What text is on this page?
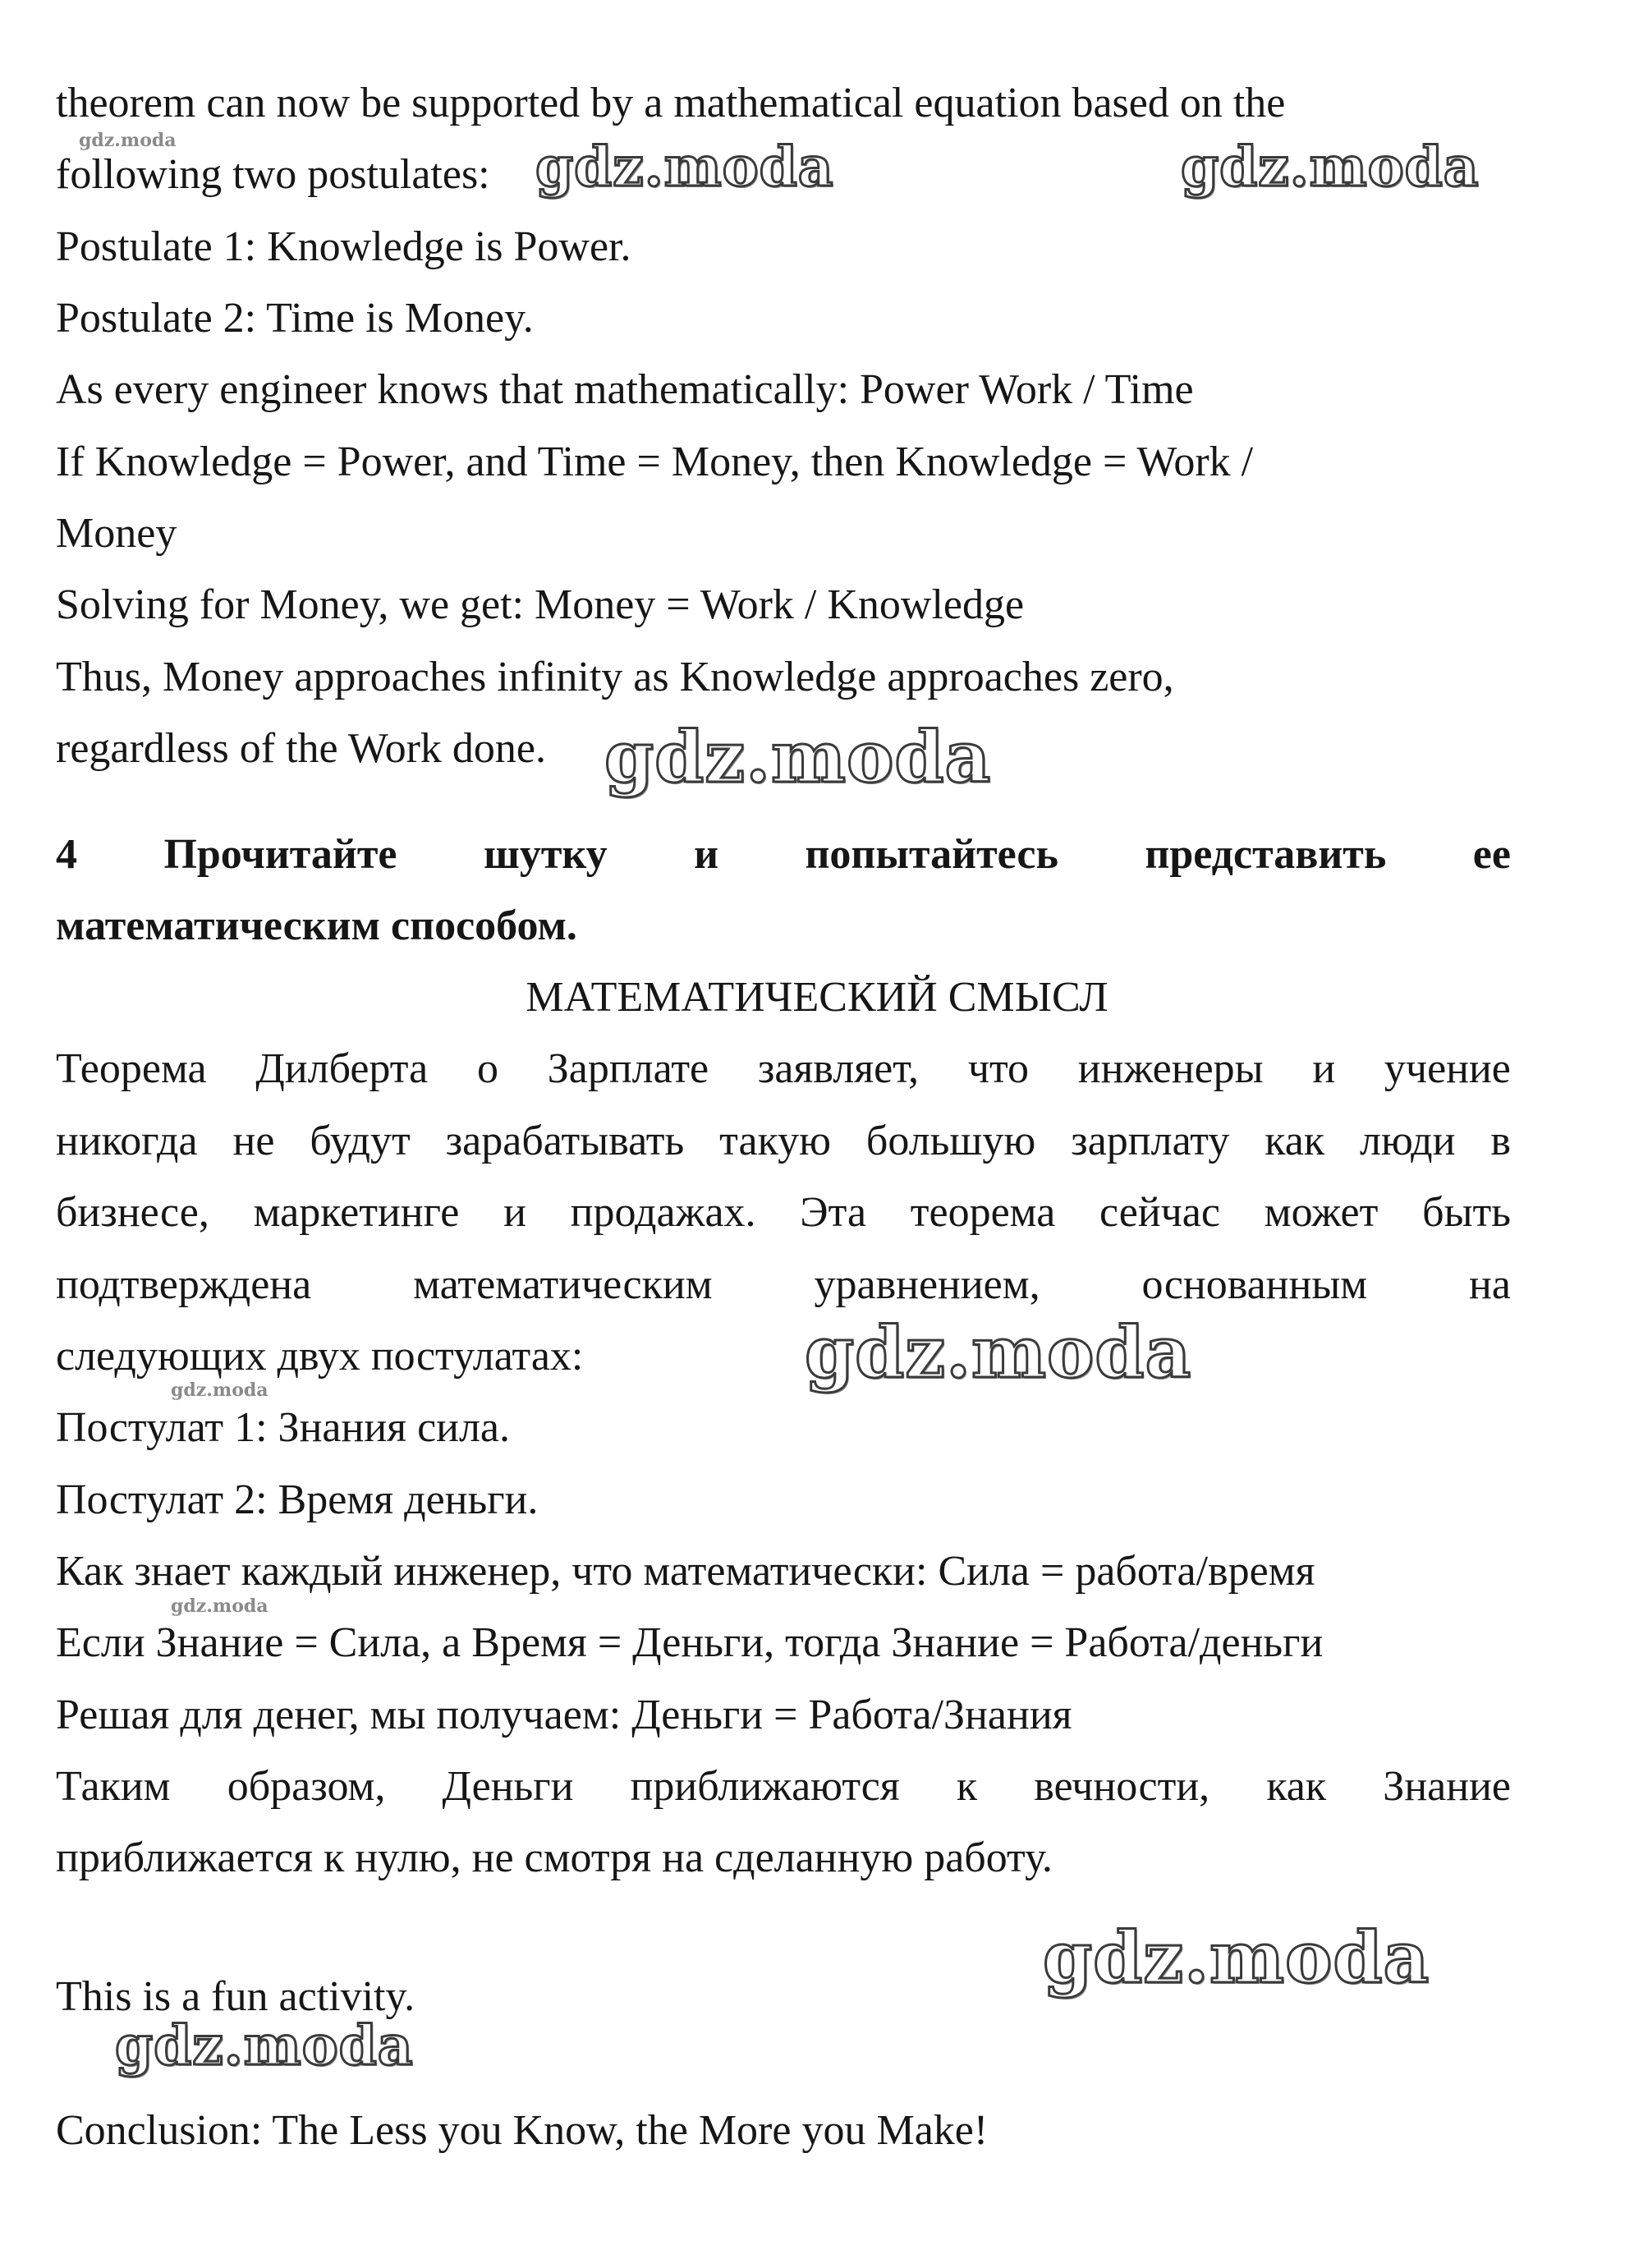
theorem can now be supported by a mathematical equation based on the
following two postulates:
Postulate 1: Knowledge is Power.
Postulate 2: Time is Money.
As every engineer knows that mathematically: Power Work / Time
If Knowledge = Power, and Time = Money, then Knowledge = Work /
Money
Solving for Money, we get: Money = Work / Knowledge
Thus, Money approaches infinity as Knowledge approaches zero,
regardless of the Work done.
4 Прочитайте шутку и попытайтесь представить ее
математическим способом.
МАТЕМАТИЧЕСКИЙ СМЫСЛ
Теорема Дилберта о Зарплате заявляет, что инженеры и учение
никогда не будут зарабатывать такую большую зарплату как люди в
бизнесе, маркетинге и продажах. Эта теорема сейчас может быть
подтверждена математическим уравнением, основанным на
следующих двух постулатах:
Постулат 1: Знания сила.
Постулат 2: Время деньги.
Как знает каждый инженер, что математически: Сила = работа/время
Если Знание = Сила, а Время = Деньги, тогда Знание = Работа/деньги
Решая для денег, мы получаем: Деньги = Работа/Знания
Таким образом, Деньги приближаются к вечности, как Знание
приближается к нулю, не смотря на сделанную работу.
This is a fun activity.
Conclusion: The Less you Know, the More you Make!
gdz.moda	gdz.moda	gdz.moda
gdz.moda
gdz.moda
gdz.moda
gdz.moda
gdz.moda
gdz.moda
